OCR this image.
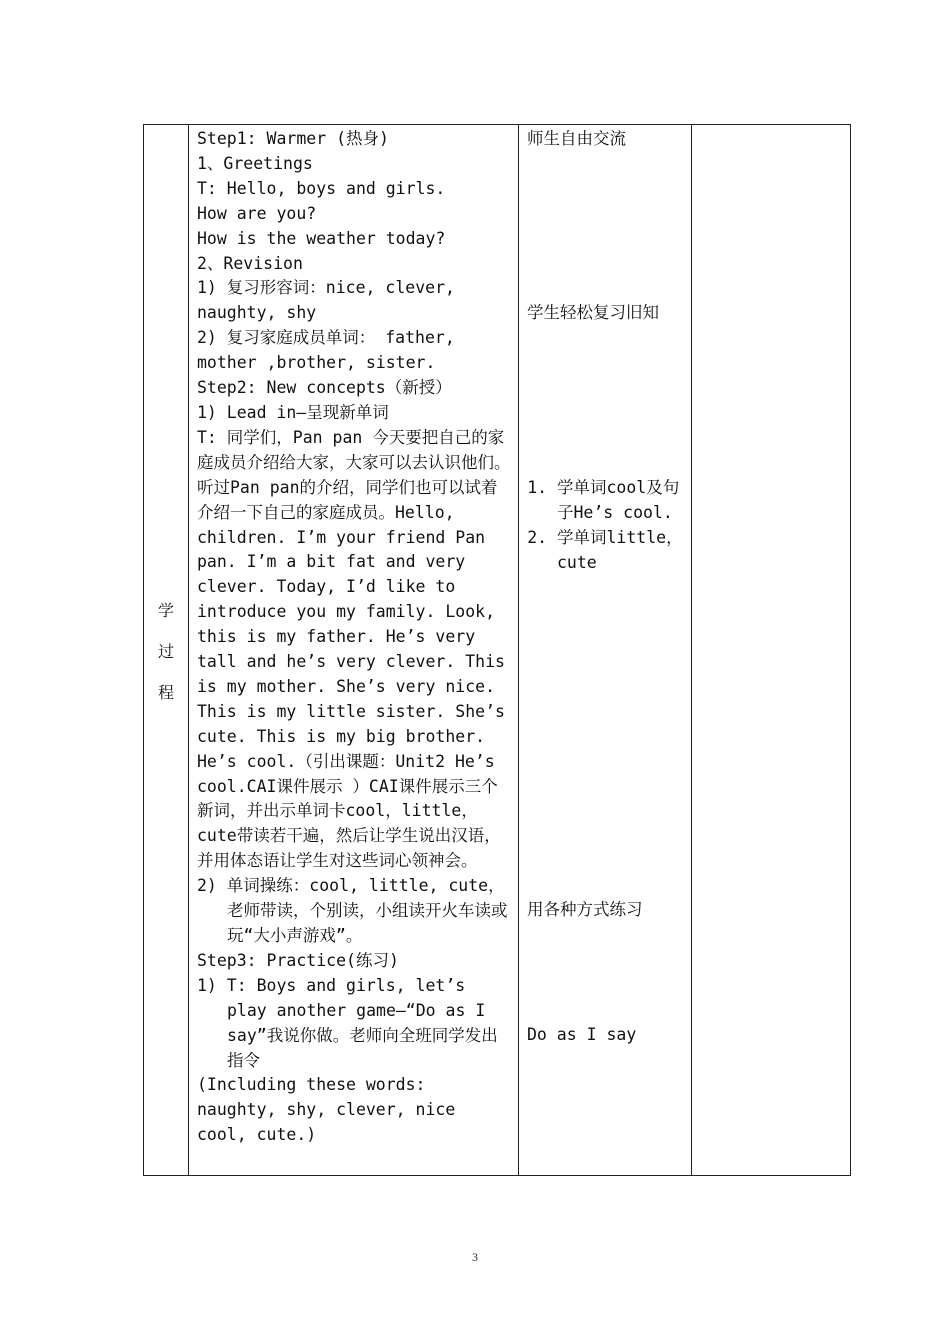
学
过
程

Step1: Warmer (热身)
1、Greetings
T: Hello, boys and girls.
How are you?
How is the weather today?
2、Revision
1) 复习形容词：nice, clever, naughty, shy
2) 复习家庭成员单词： father, mother ,brother, sister.
Step2: New concepts（新授）
1) Lead in—呈现新单词
T: 同学们，Pan pan 今天要把自己的家庭成员介绍给大家，大家可以去认识他们。听过Pan pan的介绍，同学们也可以试着介绍一下自己的家庭成员。Hello, children. I’m your friend Pan pan. I’m a bit fat and very clever. Today, I’d like to introduce you my family. Look, this is my father. He’s very tall and he’s very clever. This is my mother. She’s very nice. This is my little sister. She’s cute. This is my big brother. He’s cool.（引出课题：Unit2 He’s cool.CAI课件展示 ）CAI课件展示三个新词，并出示单词卡cool，little，cute带读若干遍，然后让学生说出汉语，并用体态语让学生对这些词心领神会。
2) 单词操练：cool, little, cute，老师带读，个别读，小组读开火车读或玩“大小声游戏”。
Step3: Practice(练习)
1) T: Boys and girls, let’s play another game—“Do as I say”我说你做。老师向全班同学发出指令
(Including these words: naughty, shy, clever, nice cool, cute.)

师生自由交流
学生轻松复习旧知
1. 学单词cool及句子He’s cool.
2. 学单词little，cute
用各种方式练习
Do as I say

3
